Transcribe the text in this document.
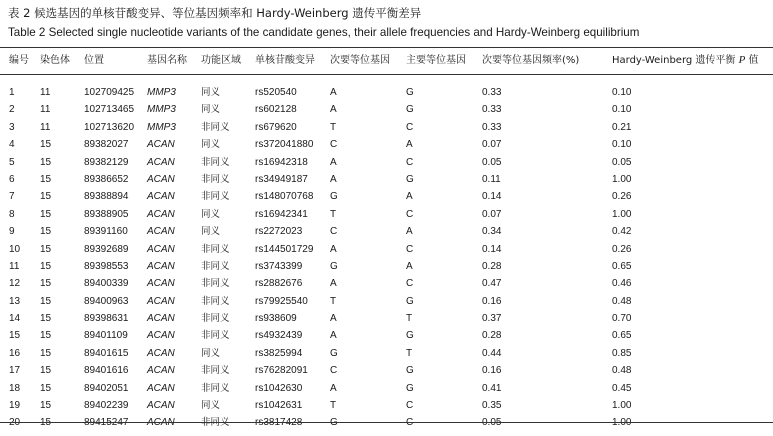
表 2 候选基因的单核苷酸变异、等位基因频率和 Hardy-Weinberg 遗传平衡差异
Table 2 Selected single nucleotide variants of the candidate genes, their allele frequencies and Hardy-Weinberg equilibrium
编号 染色体 位置	基因名称 功能区域 单核苷酸变异 次要等位基因 主要等位基因 次要等位基因频率(%)	Hardy-Weinberg 遗传平衡 P 值
1	11	102709425 MMP3	同义	rs520540	A	G	0.33	0.10
2	11	102713465 MMP3	同义	rs602128	A	G	0.33	0.10
3	11	102713620 MMP3	非同义	rs679620	T	C	0.33	0.21
4	15	89382027 ACAN	同义	rs372041880 C	A	0.07	0.10
5	15	89382129 ACAN	非同义	rs16942318 A	C	0.05	0.05
6	15	89386652 ACAN	非同义	rs34949187 A	G	0.11	1.00
7	15	89388894 ACAN	非同义	rs148070768 G	A	0.14	0.26
8	15	89388905 ACAN	同义	rs16942341 T	C	0.07	1.00
9	15	89391160 ACAN	同义	rs2272023	C	A	0.34	0.42
10 15	89392689 ACAN	非同义	rs144501729 A	C	0.14	0.26
11 15	89398553 ACAN	非同义	rs3743399	G	A	0.28	0.65
12 15	89400339 ACAN	非同义	rs2882676	A	C	0.47	0.46
13 15	89400963 ACAN	非同义	rs79925540 T	G	0.16	0.48
14 15	89398631 ACAN	非同义	rs938609	A	T	0.37	0.70
15 15	89401109 ACAN	非同义	rs4932439	A	G	0.28	0.65
16 15	89401615 ACAN	同义	rs3825994	G	T	0.44	0.85
17 15	89401616 ACAN	非同义	rs76282091 C	G	0.16	0.48
18 15	89402051 ACAN	非同义	rs1042630	A	G	0.41	0.45
19 15	89402239 ACAN	同义	rs1042631	T	C	0.35	1.00
20 15	89415247 ACAN	非同义	rs3817428	G	C	0.05	1.00
